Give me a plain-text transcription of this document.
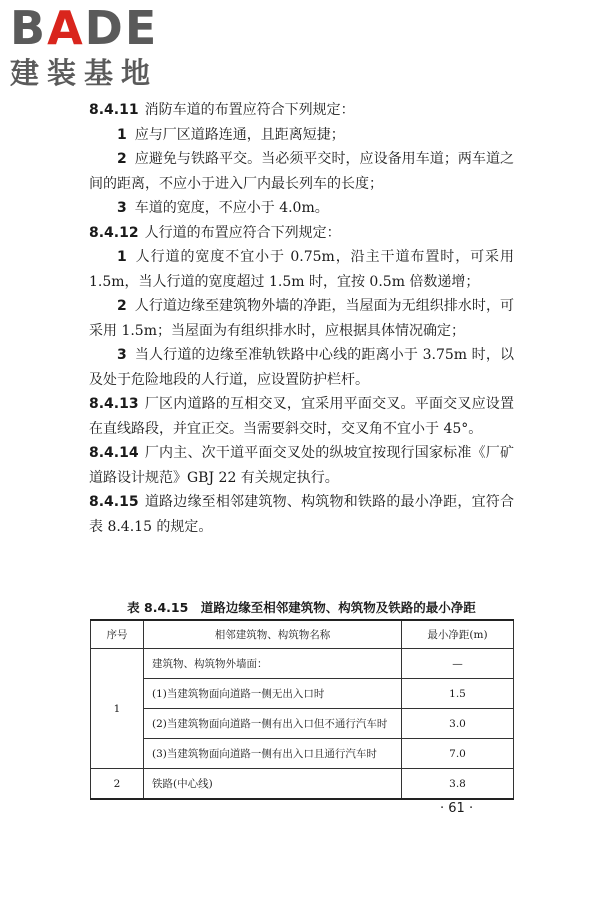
BADE
建装基地

8.4.11 消防车道的布置应符合下列规定：

1 应与厂区道路连通，且距离短捷；

2 应避免与铁路平交。当必须平交时，应设备用车道；两车道之间的距离，不应小于进入厂内最长列车的长度；

3 车道的宽度，不应小于 4.0m。

8.4.12 人行道的布置应符合下列规定：

1 人行道的宽度不宜小于 0.75m，沿主干道布置时，可采用 1.5m，当人行道的宽度超过 1.5m 时，宜按 0.5m 倍数递增；

2 人行道边缘至建筑物外墙的净距，当屋面为无组织排水时，可采用 1.5m；当屋面为有组织排水时，应根据具体情况确定；

3 当人行道的边缘至准轨铁路中心线的距离小于 3.75m 时，以及处于危险地段的人行道，应设置防护栏杆。

8.4.13 厂区内道路的互相交叉，宜采用平面交叉。平面交叉应设置在直线路段，并宜正交。当需要斜交时，交叉角不宜小于 45°。

8.4.14 厂内主、次干道平面交叉处的纵坡宜按现行国家标准《厂矿道路设计规范》GBJ 22 有关规定执行。

8.4.15 道路边缘至相邻建筑物、构筑物和铁路的最小净距，宜符合表 8.4.15 的规定。

表 8.4.15　道路边缘至相邻建筑物、构筑物及铁路的最小净距
序号	相邻建筑物、构筑物名称	最小净距(m)
1	建筑物、构筑物外墙面：	—
	(1)当建筑物面向道路一侧无出入口时	1.5
	(2)当建筑物面向道路一侧有出入口但不通行汽车时	3.0
	(3)当建筑物面向道路一侧有出入口且通行汽车时	7.0
2	铁路(中心线)	3.8
· 61 ·
